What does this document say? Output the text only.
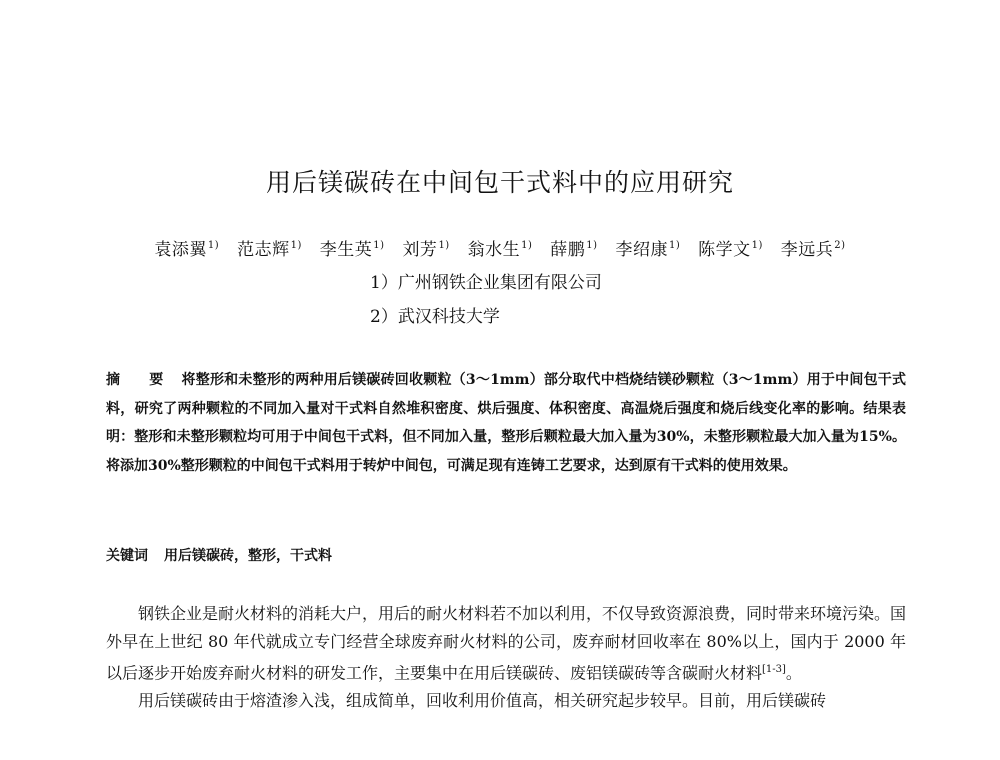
用后镁碳砖在中间包干式料中的应用研究
袁添翼$^{1)}$ 范志辉$^{1)}$ 李生英$^{1)}$ 刘芳$^{1)}$ 翁水生$^{1)}$ 薛鹏$^{1)}$ 李绍康$^{1)}$ 陈学文$^{1)}$ 李远兵$^{2)}$
1）广州钢铁企业集团有限公司
2）武汉科技大学

摘 要 将整形和未整形的两种用后镁碳砖回收颗粒（3～1mm）部分取代中档烧结镁砂颗粒（3～1mm）用于中间包干式料，研究了两种颗粒的不同加入量对干式料自然堆积密度、烘后强度、体积密度、高温烧后强度和烧后线变化率的影响。结果表明：整形和未整形颗粒均可用于中间包干式料，但不同加入量，整形后颗粒最大加入量为30%，未整形颗粒最大加入量为15%。将添加30%整形颗粒的中间包干式料用于转炉中间包，可满足现有连铸工艺要求，达到原有干式料的使用效果。

关键词 用后镁碳砖，整形，干式料

钢铁企业是耐火材料的消耗大户，用后的耐火材料若不加以利用，不仅导致资源浪费，同时带来环境污染。国外早在上世纪 80 年代就成立专门经营全球废弃耐火材料的公司，废弃耐材回收率在 80%以上，国内于 2000 年以后逐步开始废弃耐火材料的研发工作，主要集中在用后镁碳砖、废铝镁碳砖等含碳耐火材料[1-3]。

用后镁碳砖由于熔渣渗入浅，组成简单，回收利用价值高，相关研究起步较早。目前，用后镁碳砖
